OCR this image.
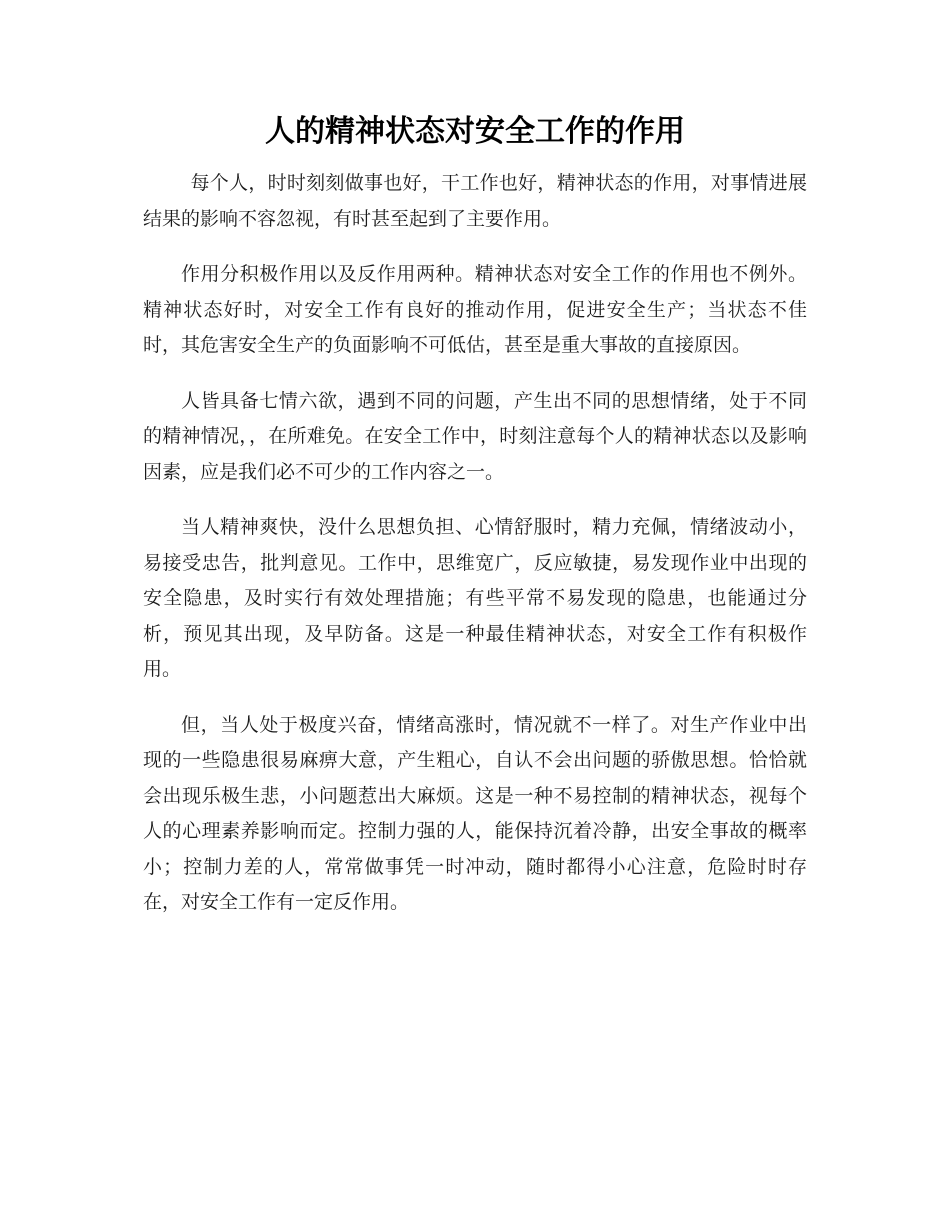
人的精神状态对安全工作的作用

每个人，时时刻刻做事也好，干工作也好，精神状态的作用，对事情进展结果的影响不容忽视，有时甚至起到了主要作用。

作用分积极作用以及反作用两种。精神状态对安全工作的作用也不例外。精神状态好时，对安全工作有良好的推动作用，促进安全生产；当状态不佳时，其危害安全生产的负面影响不可低估，甚至是重大事故的直接原因。

人皆具备七情六欲，遇到不同的问题，产生出不同的思想情绪，处于不同的精神情况，，在所难免。在安全工作中，时刻注意每个人的精神状态以及影响因素，应是我们必不可少的工作内容之一。

当人精神爽快，没什么思想负担、心情舒服时，精力充佩，情绪波动小，易接受忠告，批判意见。工作中，思维宽广，反应敏捷，易发现作业中出现的安全隐患，及时实行有效处理措施；有些平常不易发现的隐患，也能通过分析，预见其出现，及早防备。这是一种最佳精神状态，对安全工作有积极作用。

但，当人处于极度兴奋，情绪高涨时，情况就不一样了。对生产作业中出现的一些隐患很易麻痹大意，产生粗心，自认不会出问题的骄傲思想。恰恰就会出现乐极生悲，小问题惹出大麻烦。这是一种不易控制的精神状态，视每个人的心理素养影响而定。控制力强的人，能保持沉着冷静，出安全事故的概率小；控制力差的人，常常做事凭一时冲动，随时都得小心注意，危险时时存在，对安全工作有一定反作用。
